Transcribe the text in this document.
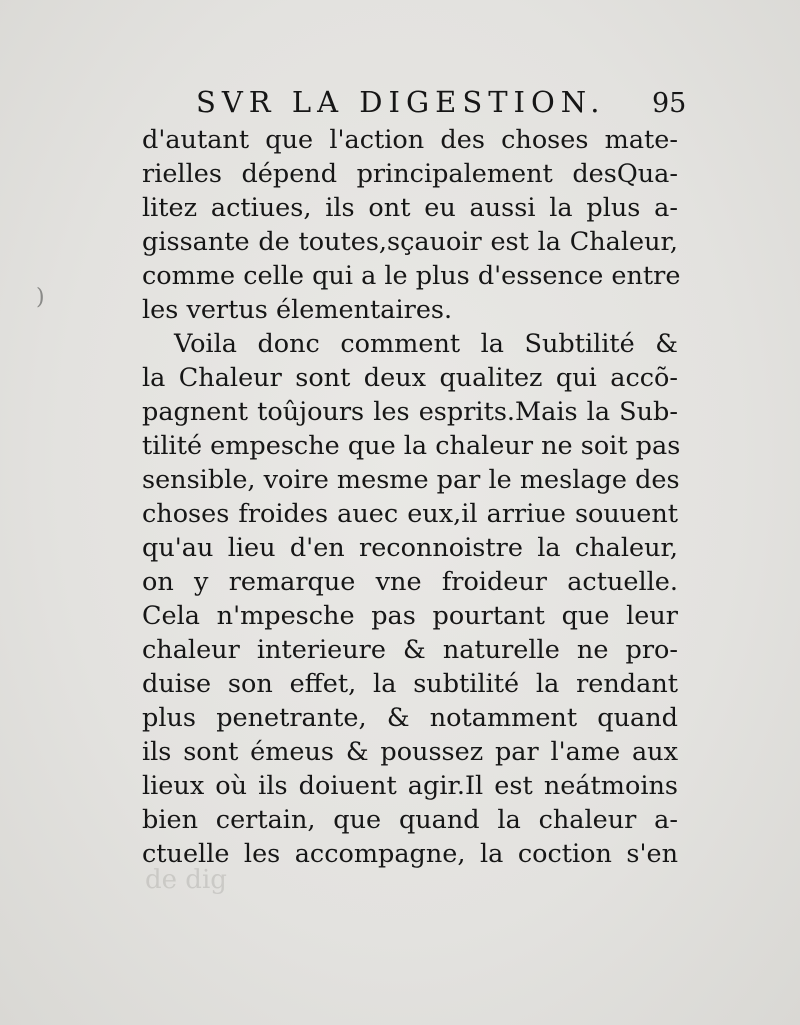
)
SVR LA DIGESTION. 95
d'autant que l'action des choses mate-
rielles dépend principalement desQua-
litez actiues, ils ont eu aussi la plus a-
gissante de toutes,sçauoir est la Chaleur,
comme celle qui a le plus d'essence entre
les vertus élementaires.
Voila donc comment la Subtilité &
la Chaleur sont deux qualitez qui accõ-
pagnent toûjours les esprits.Mais la Sub-
tilité empesche que la chaleur ne soit pas
sensible, voire mesme par le meslage des
choses froides auec eux,il arriue souuent
qu'au lieu d'en reconnoistre la chaleur,
on y remarque vne froideur actuelle.
Cela n'mpesche pas pourtant que leur
chaleur interieure & naturelle ne pro-
duise son effet, la subtilité la rendant
plus penetrante, & notamment quand
ils sont émeus & poussez par l'ame aux
lieux où ils doiuent agir.Il est neátmoins
bien certain, que quand la chaleur a-
ctuelle les accompagne, la coction s'en
de dig
